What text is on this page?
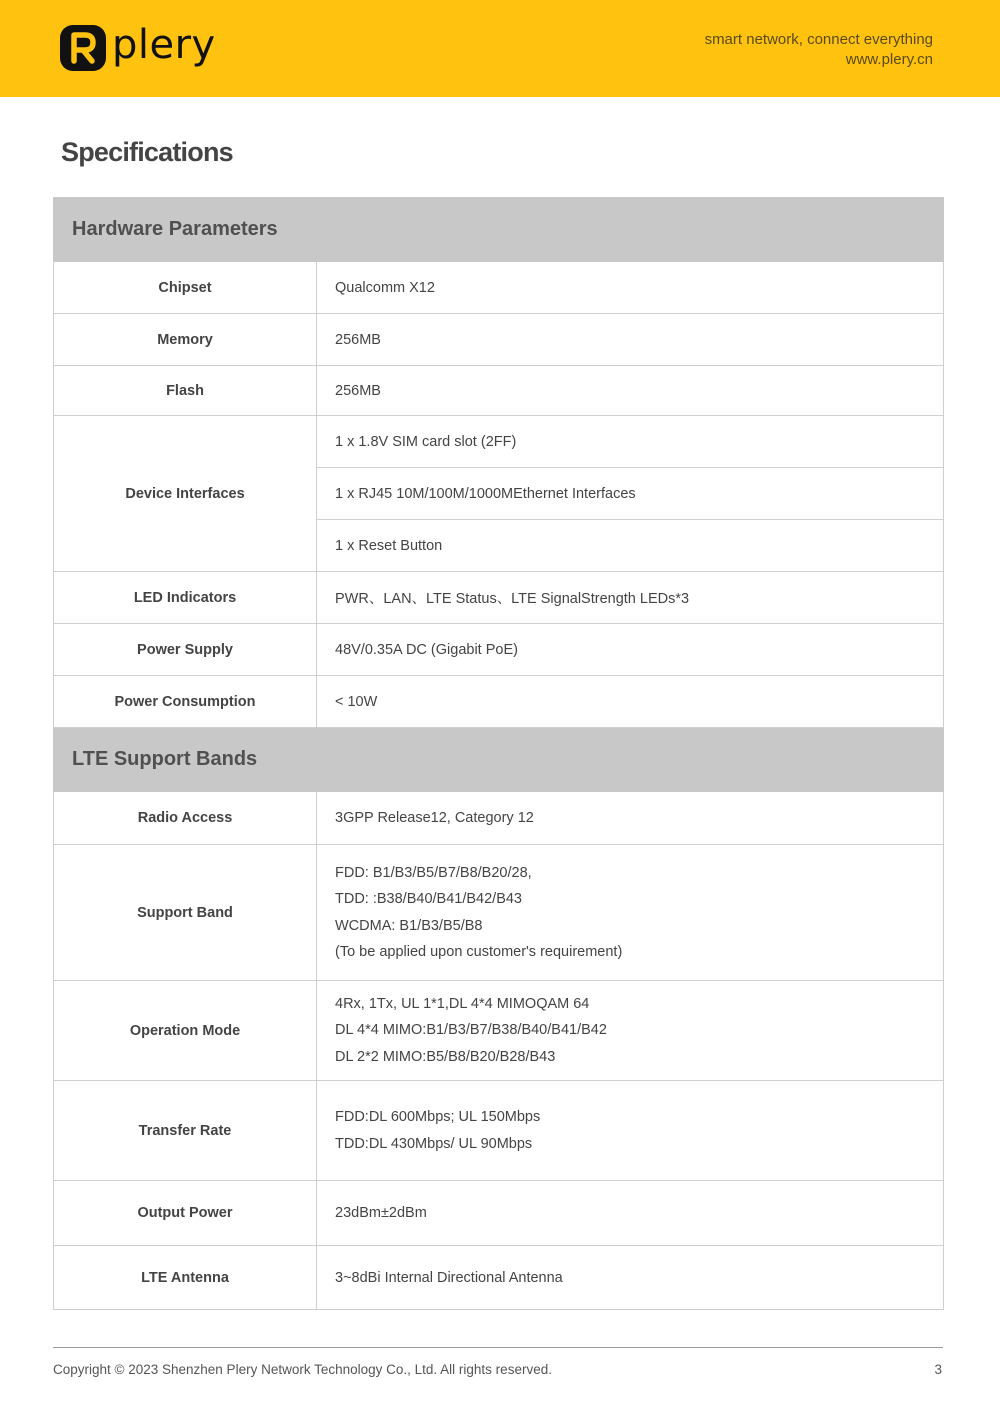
plery	smart network, connect everything
www.plery.cn
Specifications
Hardware Parameters	
Chipset	Qualcomm X12
Memory	256MB
Flash	256MB
Device Interfaces	1 x 1.8V SIM card slot (2FF)
	1 x RJ45 10M/100M/1000MEthernet Interfaces
	1 x Reset Button
LED Indicators	PWR、LAN、LTE Status、LTE SignalStrength LEDs*3
Power Supply	48V/0.35A DC (Gigabit PoE)
Power Consumption	< 10W
LTE Support Bands	
Radio Access	3GPP Release12, Category 12
Support Band	FDD: B1/B3/B5/B7/B8/B20/28,
TDD: :B38/B40/B41/B42/B43
WCDMA: B1/B3/B5/B8
(To be applied upon customer's requirement)

Operation Mode	4Rx, 1Tx, UL 1*1,DL 4*4 MIMOQAM 64
DL 4*4 MIMO:B1/B3/B7/B38/B40/B41/B42
DL 2*2 MIMO:B5/B8/B20/B28/B43

Transfer Rate	FDD:DL 600Mbps; UL 150Mbps
TDD:DL 430Mbps/ UL 90Mbps

Output Power	23dBm±2dBm
LTE Antenna	3~8dBi Internal Directional Antenna
Copyright © 2023 Shenzhen Plery Network Technology Co., Ltd. All rights reserved.	3
